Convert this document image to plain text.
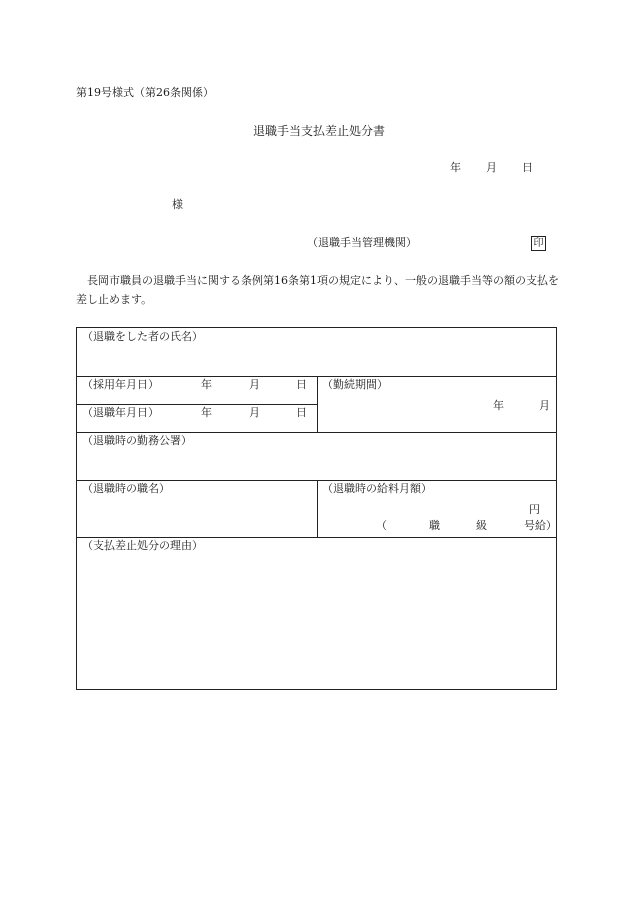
第19号様式（第26条関係）
退職手当支払差止処分書
年 月 日
様
（退職手当管理機関）	印
長岡市職員の退職手当に関する条例第16条第1項の規定により、一般の退職手当等の額の支払を差し止めます。
（退職をした者の氏名）
（採用年月日）	年	月	日
（退職年月日）	年	月	日
（勤続期間）
年	月
（退職時の勤務公署）
（退職時の職名）	（退職時の給料月額）
円
（	職	級	号給）
（支払差止処分の理由）
